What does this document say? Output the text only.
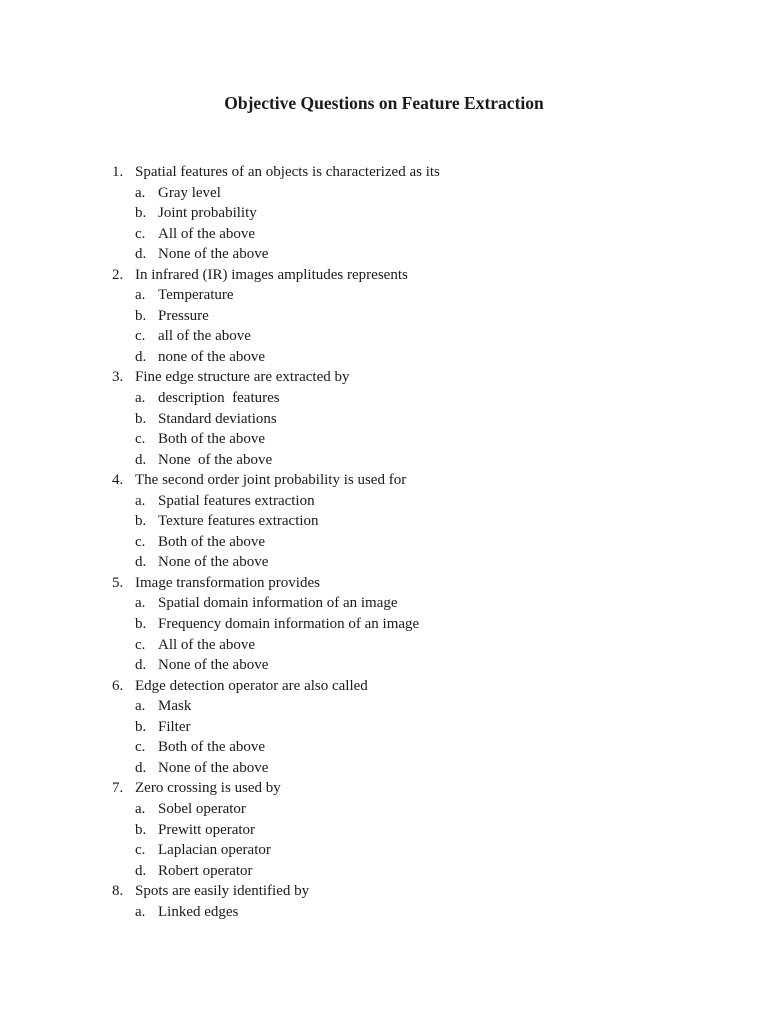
Objective Questions on Feature Extraction
1. Spatial features of an objects is characterized as its
a. Gray level
b. Joint probability
c. All of the above
d. None of the above
2. In infrared (IR) images amplitudes represents
a. Temperature
b. Pressure
c. all of the above
d. none of the above
3. Fine edge structure are extracted by
a. description  features
b. Standard deviations
c. Both of the above
d. None  of the above
4. The second order joint probability is used for
a. Spatial features extraction
b. Texture features extraction
c. Both of the above
d. None of the above
5. Image transformation provides
a. Spatial domain information of an image
b. Frequency domain information of an image
c. All of the above
d. None of the above
6. Edge detection operator are also called
a. Mask
b. Filter
c. Both of the above
d. None of the above
7. Zero crossing is used by
a. Sobel operator
b. Prewitt operator
c. Laplacian operator
d. Robert operator
8. Spots are easily identified by
a. Linked edges
